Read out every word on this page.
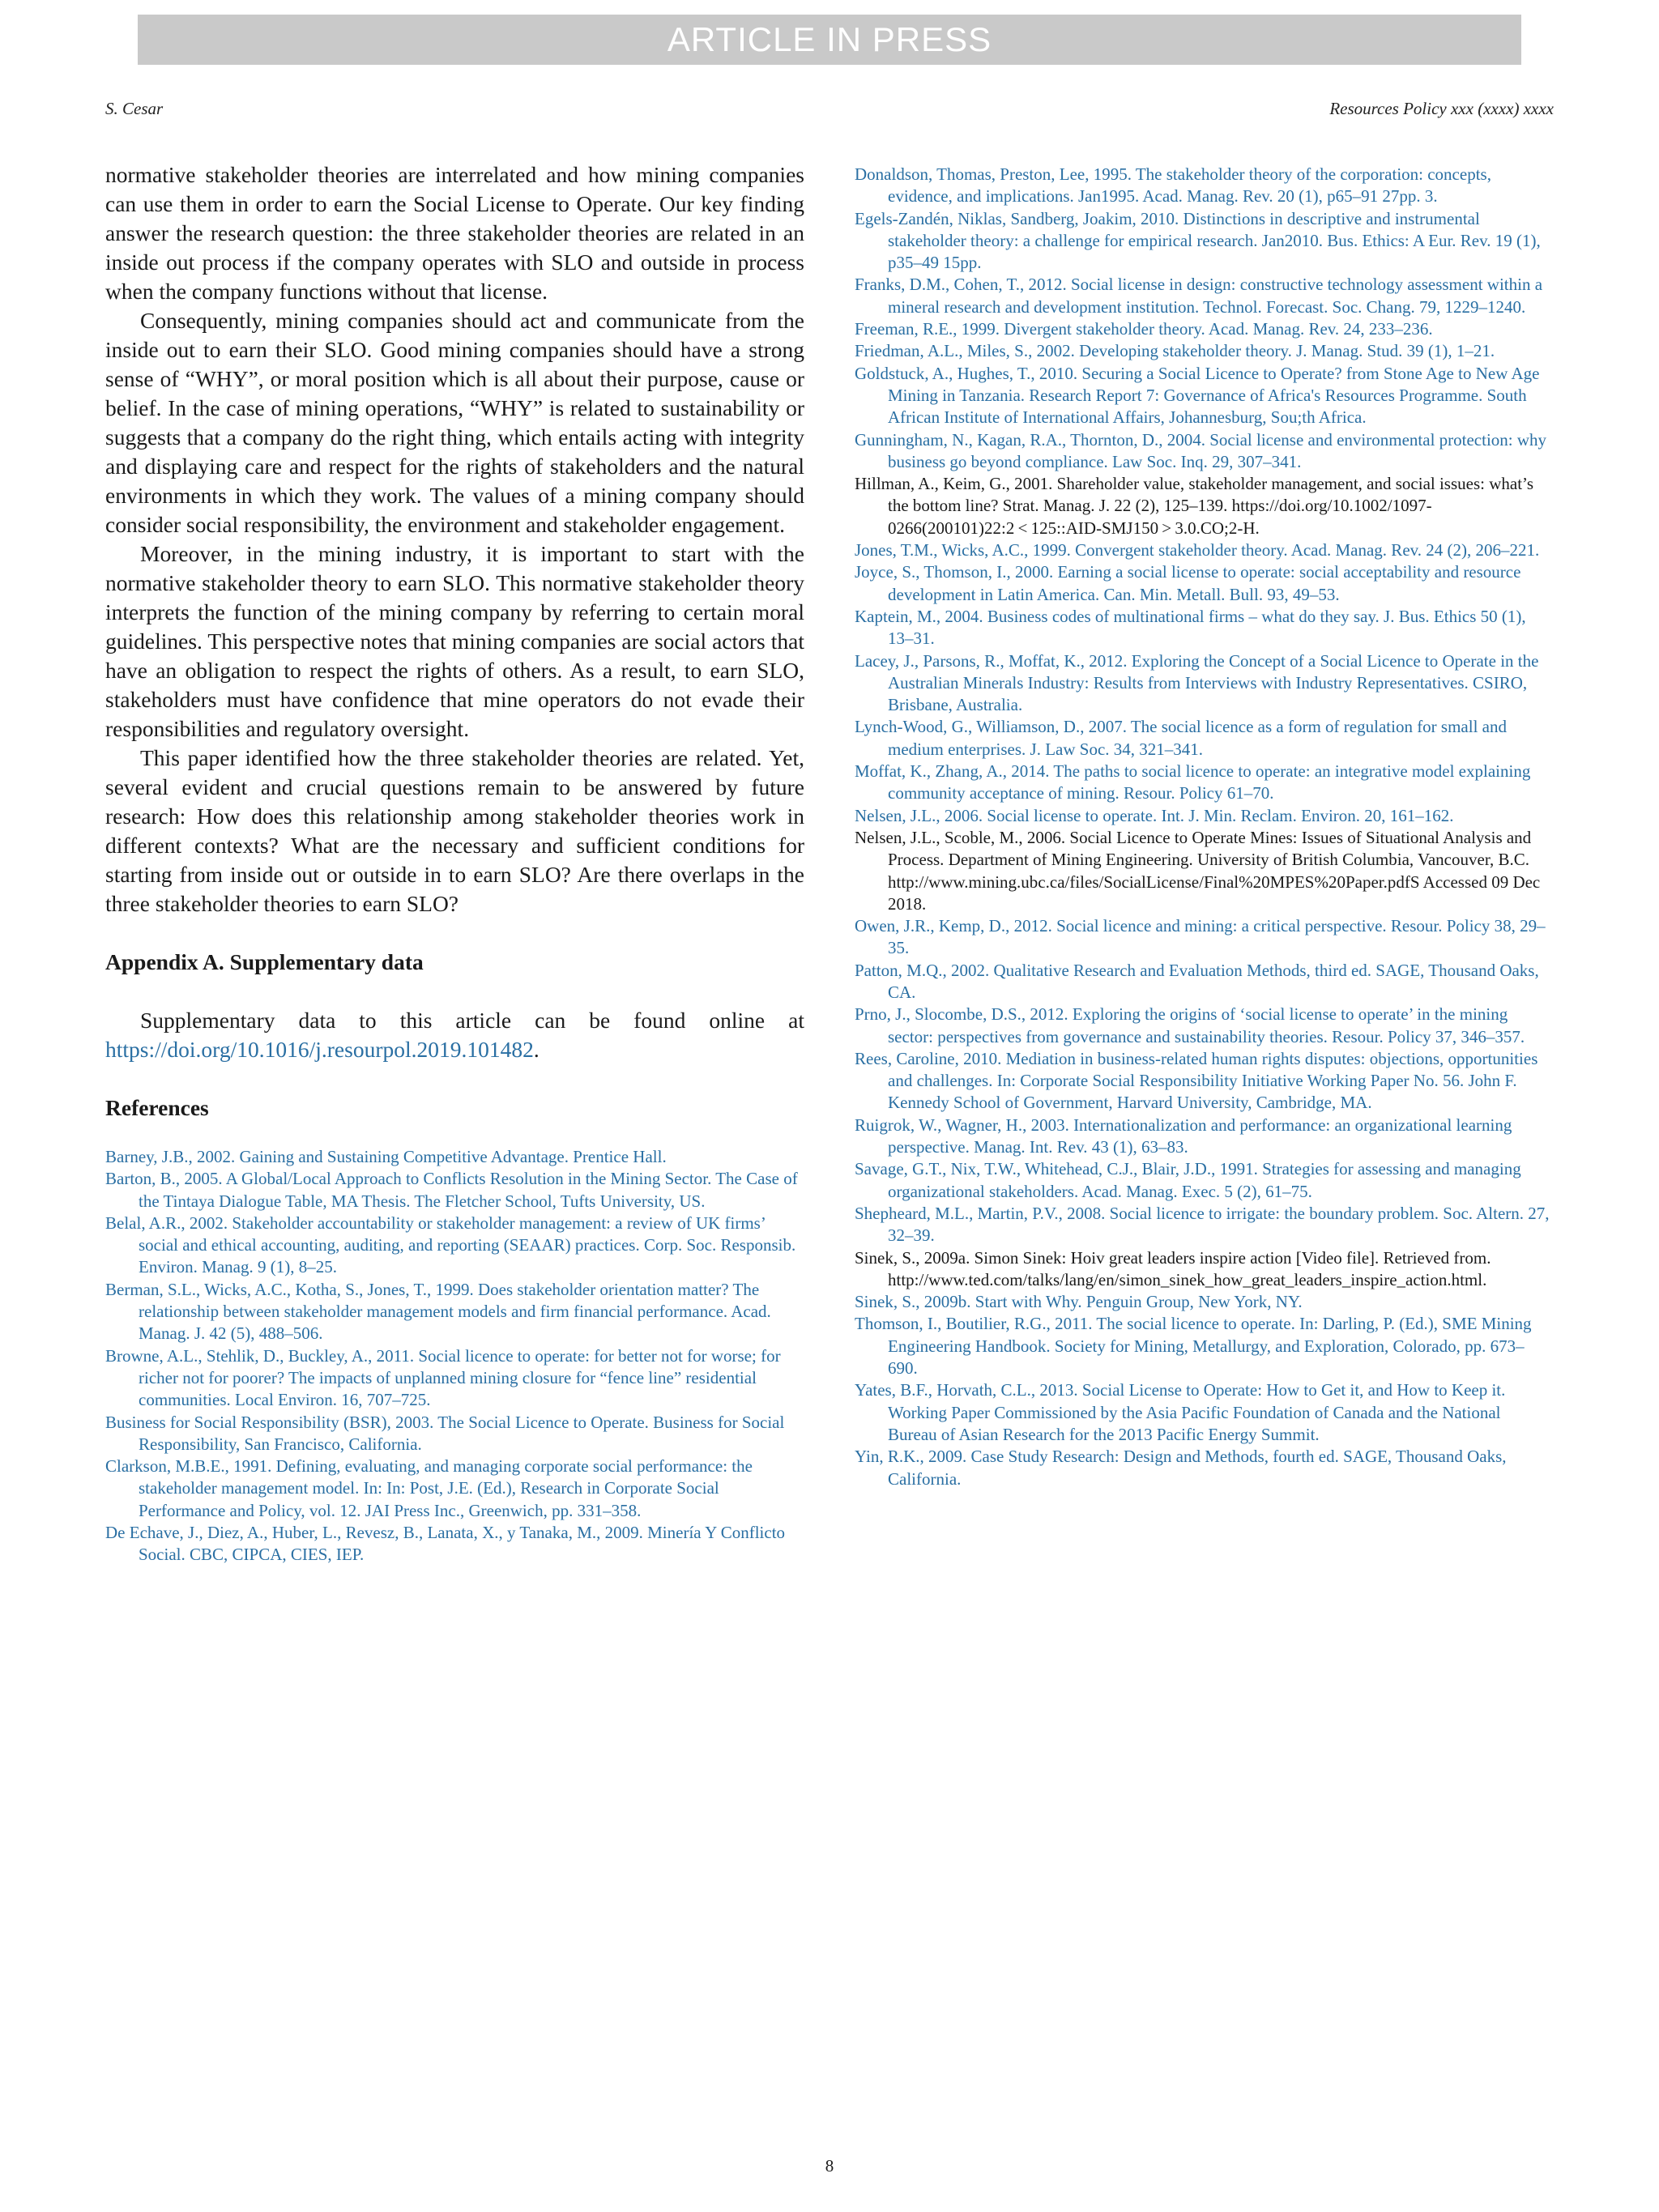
ARTICLE IN PRESS
S. Cesar	Resources Policy xxx (xxxx) xxxx

normative stakeholder theories are interrelated and how mining companies can use them in order to earn the Social License to Operate. Our key finding answer the research question: the three stakeholder theories are related in an inside out process if the company operates with SLO and outside in process when the company functions without that license.

Consequently, mining companies should act and communicate from the inside out to earn their SLO. Good mining companies should have a strong sense of “WHY”, or moral position which is all about their purpose, cause or belief. In the case of mining operations, “WHY” is related to sustainability or suggests that a company do the right thing, which entails acting with integrity and displaying care and respect for the rights of stakeholders and the natural environments in which they work. The values of a mining company should consider social responsibility, the environment and stakeholder engagement.

Moreover, in the mining industry, it is important to start with the normative stakeholder theory to earn SLO. This normative stakeholder theory interprets the function of the mining company by referring to certain moral guidelines. This perspective notes that mining companies are social actors that have an obligation to respect the rights of others. As a result, to earn SLO, stakeholders must have confidence that mine operators do not evade their responsibilities and regulatory oversight.

This paper identified how the three stakeholder theories are related. Yet, several evident and crucial questions remain to be answered by future research: How does this relationship among stakeholder theories work in different contexts? What are the necessary and sufficient conditions for starting from inside out or outside in to earn SLO? Are there overlaps in the three stakeholder theories to earn SLO?

Appendix A. Supplementary data

Supplementary data to this article can be found online at https://doi.org/10.1016/j.resourpol.2019.101482.

References
Barney, J.B., 2002. Gaining and Sustaining Competitive Advantage. Prentice Hall.
Barton, B., 2005. A Global/Local Approach to Conflicts Resolution in the Mining Sector. The Case of the Tintaya Dialogue Table, MA Thesis. The Fletcher School, Tufts University, US.
Belal, A.R., 2002. Stakeholder accountability or stakeholder management: a review of UK firms’ social and ethical accounting, auditing, and reporting (SEAAR) practices. Corp. Soc. Responsib. Environ. Manag. 9 (1), 8–25.
Berman, S.L., Wicks, A.C., Kotha, S., Jones, T., 1999. Does stakeholder orientation matter? The relationship between stakeholder management models and firm financial performance. Acad. Manag. J. 42 (5), 488–506.
Browne, A.L., Stehlik, D., Buckley, A., 2011. Social licence to operate: for better not for worse; for richer not for poorer? The impacts of unplanned mining closure for “fence line” residential communities. Local Environ. 16, 707–725.
Business for Social Responsibility (BSR), 2003. The Social Licence to Operate. Business for Social Responsibility, San Francisco, California.
Clarkson, M.B.E., 1991. Defining, evaluating, and managing corporate social performance: the stakeholder management model. In: In: Post, J.E. (Ed.), Research in Corporate Social Performance and Policy, vol. 12. JAI Press Inc., Greenwich, pp. 331–358.
De Echave, J., Diez, A., Huber, L., Revesz, B., Lanata, X., y Tanaka, M., 2009. Minería Y Conflicto Social. CBC, CIPCA, CIES, IEP.
Donaldson, Thomas, Preston, Lee, 1995. The stakeholder theory of the corporation: concepts, evidence, and implications. Jan1995. Acad. Manag. Rev. 20 (1), p65–91 27pp. 3.
Egels-Zandén, Niklas, Sandberg, Joakim, 2010. Distinctions in descriptive and instrumental stakeholder theory: a challenge for empirical research. Jan2010. Bus. Ethics: A Eur. Rev. 19 (1), p35–49 15pp.
Franks, D.M., Cohen, T., 2012. Social license in design: constructive technology assessment within a mineral research and development institution. Technol. Forecast. Soc. Chang. 79, 1229–1240.
Freeman, R.E., 1999. Divergent stakeholder theory. Acad. Manag. Rev. 24, 233–236.
Friedman, A.L., Miles, S., 2002. Developing stakeholder theory. J. Manag. Stud. 39 (1), 1–21.
Goldstuck, A., Hughes, T., 2010. Securing a Social Licence to Operate? from Stone Age to New Age Mining in Tanzania. Research Report 7: Governance of Africa's Resources Programme. South African Institute of International Affairs, Johannesburg, Sou;th Africa.
Gunningham, N., Kagan, R.A., Thornton, D., 2004. Social license and environmental protection: why business go beyond compliance. Law Soc. Inq. 29, 307–341.
Hillman, A., Keim, G., 2001. Shareholder value, stakeholder management, and social issues: what’s the bottom line? Strat. Manag. J. 22 (2), 125–139. https://doi.org/10.1002/1097-0266(200101)22:2 < 125::AID-SMJ150 > 3.0.CO;2-H.
Jones, T.M., Wicks, A.C., 1999. Convergent stakeholder theory. Acad. Manag. Rev. 24 (2), 206–221.
Joyce, S., Thomson, I., 2000. Earning a social license to operate: social acceptability and resource development in Latin America. Can. Min. Metall. Bull. 93, 49–53.
Kaptein, M., 2004. Business codes of multinational firms – what do they say. J. Bus. Ethics 50 (1), 13–31.
Lacey, J., Parsons, R., Moffat, K., 2012. Exploring the Concept of a Social Licence to Operate in the Australian Minerals Industry: Results from Interviews with Industry Representatives. CSIRO, Brisbane, Australia.
Lynch-Wood, G., Williamson, D., 2007. The social licence as a form of regulation for small and medium enterprises. J. Law Soc. 34, 321–341.
Moffat, K., Zhang, A., 2014. The paths to social licence to operate: an integrative model explaining community acceptance of mining. Resour. Policy 61–70.
Nelsen, J.L., 2006. Social license to operate. Int. J. Min. Reclam. Environ. 20, 161–162.
Nelsen, J.L., Scoble, M., 2006. Social Licence to Operate Mines: Issues of Situational Analysis and Process. Department of Mining Engineering. University of British Columbia, Vancouver, B.C. http://www.mining.ubc.ca/files/SocialLicense/Final%20MPES%20Paper.pdfS Accessed 09 Dec 2018.
Owen, J.R., Kemp, D., 2012. Social licence and mining: a critical perspective. Resour. Policy 38, 29–35.
Patton, M.Q., 2002. Qualitative Research and Evaluation Methods, third ed. SAGE, Thousand Oaks, CA.
Prno, J., Slocombe, D.S., 2012. Exploring the origins of ‘social license to operate’ in the mining sector: perspectives from governance and sustainability theories. Resour. Policy 37, 346–357.
Rees, Caroline, 2010. Mediation in business-related human rights disputes: objections, opportunities and challenges. In: Corporate Social Responsibility Initiative Working Paper No. 56. John F. Kennedy School of Government, Harvard University, Cambridge, MA.
Ruigrok, W., Wagner, H., 2003. Internationalization and performance: an organizational learning perspective. Manag. Int. Rev. 43 (1), 63–83.
Savage, G.T., Nix, T.W., Whitehead, C.J., Blair, J.D., 1991. Strategies for assessing and managing organizational stakeholders. Acad. Manag. Exec. 5 (2), 61–75.
Shepheard, M.L., Martin, P.V., 2008. Social licence to irrigate: the boundary problem. Soc. Altern. 27, 32–39.
Sinek, S., 2009a. Simon Sinek: Hoiv great leaders inspire action [Video file]. Retrieved from. http://www.ted.com/talks/lang/en/simon_sinek_how_great_leaders_inspire_action.html.
Sinek, S., 2009b. Start with Why. Penguin Group, New York, NY.
Thomson, I., Boutilier, R.G., 2011. The social licence to operate. In: Darling, P. (Ed.), SME Mining Engineering Handbook. Society for Mining, Metallurgy, and Exploration, Colorado, pp. 673–690.
Yates, B.F., Horvath, C.L., 2013. Social License to Operate: How to Get it, and How to Keep it. Working Paper Commissioned by the Asia Pacific Foundation of Canada and the National Bureau of Asian Research for the 2013 Pacific Energy Summit.
Yin, R.K., 2009. Case Study Research: Design and Methods, fourth ed. SAGE, Thousand Oaks, California.
8
